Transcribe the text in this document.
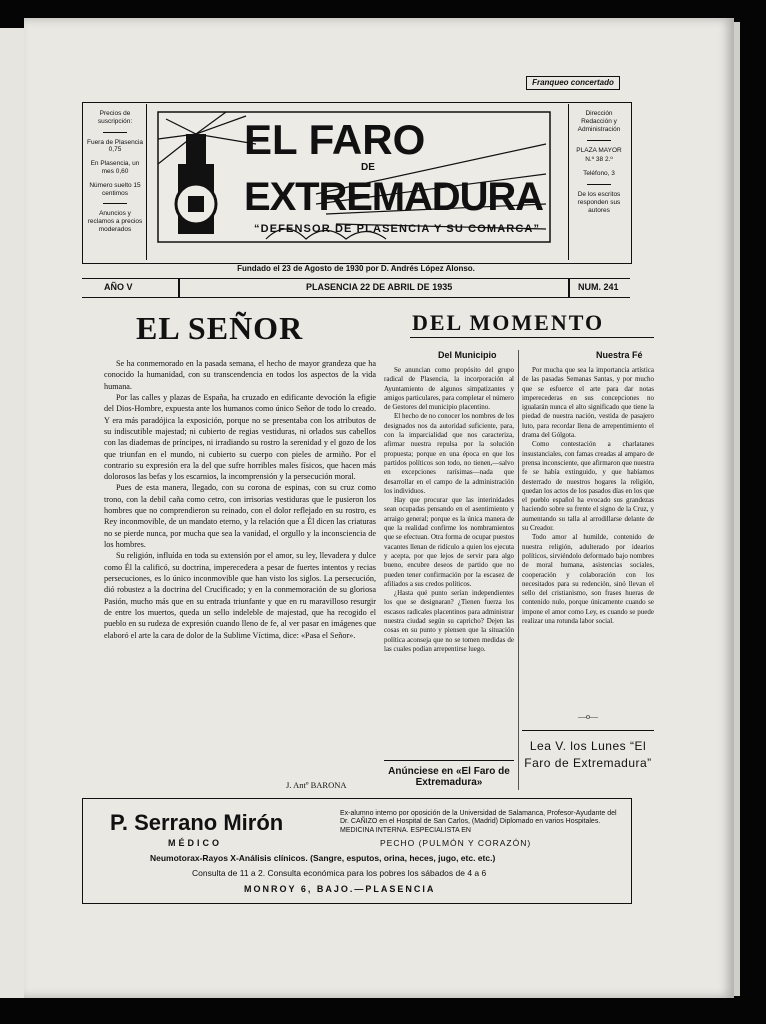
Franqueo concertado
Precios de suscripción:
Fuera de Plasencia 0,75
En Plasencia, un mes 0,60
Número suelto 15 centimos
Anuncios y reclamos a precios moderados
EL FARO
DE
EXTREMADURA
“DEFENSOR DE PLASENCIA Y SU COMARCA”
Dirección Redacción y Administración
PLAZA MAYOR N.º 38 2.º
Teléfono, 3
De los escritos responden sus autores
Fundado el 23 de Agosto de 1930 por D. Andrés López Alonso.
AÑO V	PLASENCIA 22 DE ABRIL DE 1935	NUM. 241
EL SEÑOR

Se ha conmemorado en la pasada semana, el hecho de mayor grandeza que ha conocido la humanidad, con su transcendencia en todos los aspectos de la vida humana.

Por las calles y plazas de España, ha cruzado en edificante devoción la efigie del Dios-Hombre, expuesta ante los humanos como único Señor de todo lo creado. Y era más paradójica la exposición, porque no se presentaba con los atributos de su indiscutible majestad; ni cubierto de regias vestiduras, ni orlados sus cabellos con las diademas de príncipes, ni irradiando su rostro la serenidad y el gozo de los que triunfan en el mundo, ni cubierto su cuerpo con pieles de armiño. Por el contrario su expresión era la del que sufre horribles males físicos, que hacen más dolorosos las befas y los escarnios, la incomprensión y la persecución moral.

Pues de esta manera, llegado, con su corona de espinas, con su cruz como trono, con la debil caña como cetro, con irrisorias vestiduras que le pusieron los hombres que no comprendieron su reinado, con el dolor reflejado en su rostro, es Rey inconmovible, de un mandato eterno, y la relación que a Él dicen las criaturas no se pierde nunca, por mucha que sea la vanidad, el orgullo y la inconsciencia de los hombres.

Su religión, influída en toda su extensión por el amor, su ley, llevadera y dulce como Él la calificó, su doctrina, imperecedera a pesar de fuertes intentos y recias persecuciones, es lo único inconmovible que han visto los siglos. La persecución, dió robustez a la doctrina del Crucificado; y en la conmemoración de su gloriosa Pasión, mucho más que en su entrada triunfante y que en ru maravilloso resurgir de entre los muertos, queda un sello indeleble de majestad, que ha recogido el pueblo en su rudeza de expresión cuando lleno de fe, al ver pasar en imágenes que elaboró el arte la cara de dolor de la Sublime Víctima, dice: «Pasa el Señor».

J. Antº BARONA
DEL MOMENTO
Del Municipio

Se anuncian como propósito del grupo radical de Plasencia, la incorporación al Ayuntamiento de algunos simpatizantes y amigos particulares, para completar el número de Gestores del municipio placentino.

El hecho de no conocer los nombres de los designados nos da autoridad suficiente, para, con la imparcialidad que nos caracteriza, afirmar nuestra repulsa por la solución propuesta; porque en una época en que los partidos políticos son todo, no tienen,—salvo en excepciones rarísimas—nada que desarrollar en el campo de la administración los individuos.

Hay que procurar que las interinidades sean ocupadas pensando en el asentimiento y arraigo general; porque es la única manera de que la realidad confirme los nombramientos que se efectuan. Otra forma de ocupar puestos vacantes llenan de ridículo a quien los ejecuta y acepta, por que lejos de servir para algo bueno, encubre deseos de partido que no pueden tener confirmación por la escasez de afiliados a sus credos políticos.

¿Hasta qué punto serían independientes los que se designaran? ¿Tienen fuerza los escasos radicales placentinos para administrar nuestra ciudad según su capricho? Dejen las cosas en su punto y piensen que la situación política aconseja que no se tomen medidas de las cuales podían arrepentirse luego.

Anúnciese en «El Faro de Extremadura»
Nuestra Fé

Por mucha que sea la importancia artística de las pasadas Semanas Santas, y por mucho que se esfuerce el arte para dar notas imperecederas en sus concepciones no igualarán nunca el alto significado que tiene la piedad de nuestra nación, vestida de pasajero luto, para recordar llena de arrepentimiento el drama del Gólgota.

Como contestación a charlatanes insustanciales, con famas creadas al amparo de prensa inconsciente, que afirmaron que nuestra fe se había extinguido, y que habíamos desterrado de nuestros hogares la religión, quedan los actos de los pasados días en los que el pueblo español ha evocado sus grandezas haciendo sobre su frente el signo de la Cruz, y aumentando su talla al arrodillarse delante de su Creador.

Todo amor al humilde, contenido de nuestra religión, adulterado por idearios políticos, sirviéndolo deformado bajo nombres de moral humana, asistencias sociales, cooperación y colaboración con los necesitados para su redención, sinó llevan el sello del cristianismo, son frases hueras de contenido nulo, porque únicamente cuando se impone el amor como Ley, es cuando se puede realizar una rotunda labor social.

—o—
Lea V. los Lunes “El Faro de Extremadura”
P. Serrano Mirón
MÉDICO
Ex-alumno interno por oposición de la Universidad de Salamanca, Profesor-Ayudante del Dr. CAÑIZO en el Hospital de San Carlos, (Madrid) Diplomado en varios Hospitales. MEDICINA INTERNA. ESPECIALISTA EN
PECHO (PULMÓN Y CORAZÓN)
Neumotorax-Rayos X-Análisis clínicos. (Sangre, esputos, orina, heces, jugo, etc. etc.)
Consulta de 11 a 2. Consulta económica para los pobres los sábados de 4 a 6
MONROY 6, BAJO.—PLASENCIA
